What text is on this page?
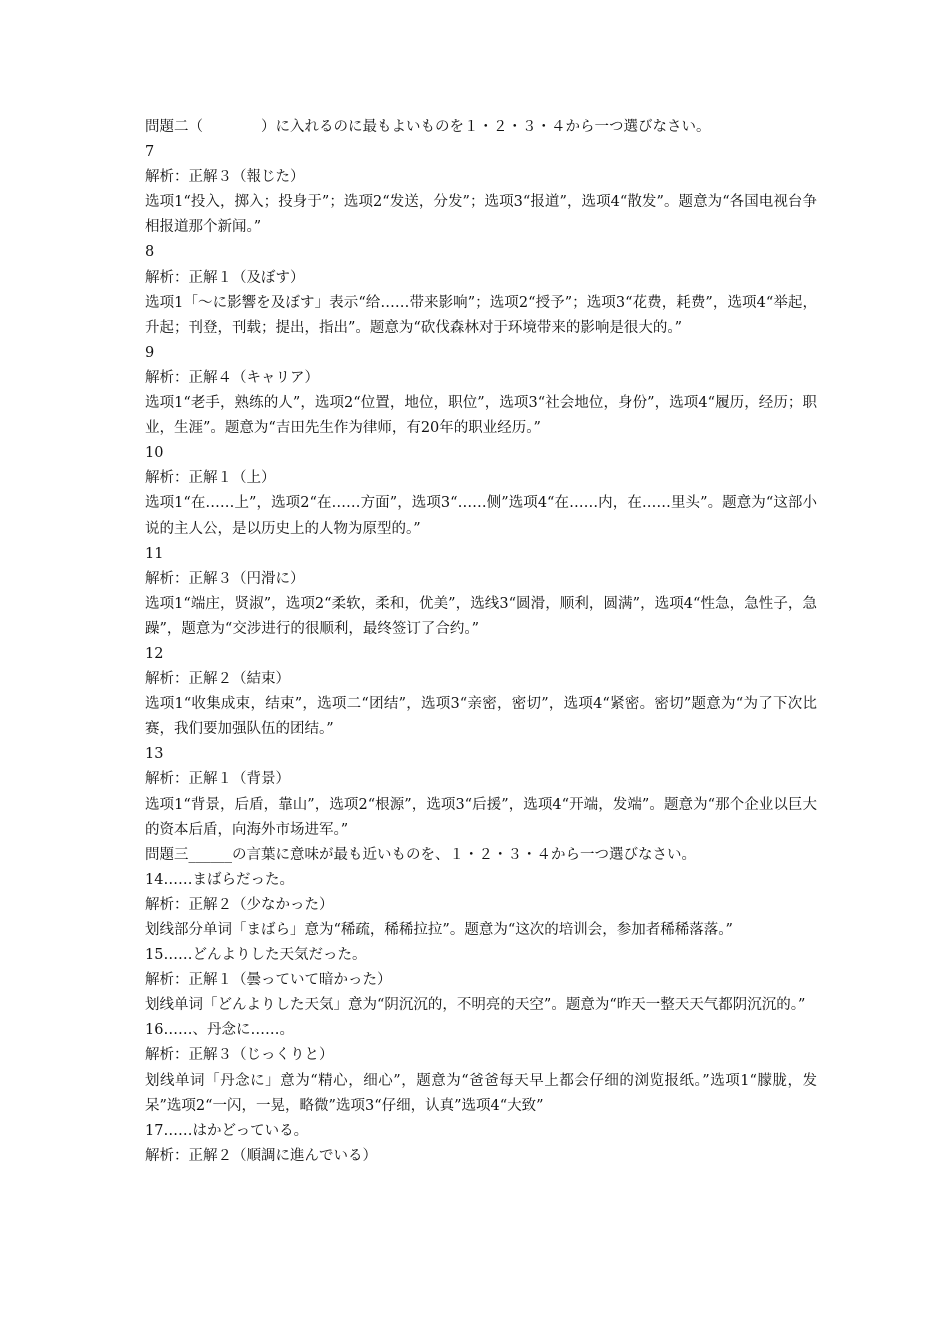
問題二（　　　　）に入れるのに最もよいものを１・２・３・４から一つ選びなさい。
7
解析：正解３（報じた）
选项1“投入，掷入；投身于”；选项2“发送，分发”；选项3“报道”，选项4“散发”。题意为“各国电视台争相报道那个新闻。”
8
解析：正解１（及ぼす）
选项1「～に影響を及ぼす」表示“给……带来影响”；选项2“授予”；选项3“花费，耗费”，选项4“举起，升起；刊登，刊载；提出，指出”。题意为“砍伐森林对于环境带来的影响是很大的。”
9
解析：正解４（キャリア）
选项1“老手，熟练的人”，选项2“位置，地位，职位”，选项3“社会地位，身份”，选项4“履历，经历；职业，生涯”。题意为“吉田先生作为律师，有20年的职业经历。”
10
解析：正解１（上）
选项1“在……上”，选项2“在……方面”，选项3“……侧”选项4“在……内，在……里头”。题意为“这部小说的主人公，是以历史上的人物为原型的。”
11
解析：正解３（円滑に）
选项1“端庄，贤淑”，选项2“柔软，柔和，优美”，选线3“圆滑，顺利，圆满”，选项4“性急，急性子，急躁”，题意为“交涉进行的很顺利，最终签订了合约。”
12
解析：正解２（結束）
选项1“收集成束，结束”，选项二“团结”，选项3“亲密，密切”，选项4“紧密。密切”题意为“为了下次比赛，我们要加强队伍的团结。”
13
解析：正解１（背景）
选项1“背景，后盾，靠山”，选项2“根源”，选项3“后援”，选项4“开端，发端”。题意为“那个企业以巨大的资本后盾，向海外市场进军。”
問題三______の言葉に意味が最も近いものを、１・２・３・４から一つ選びなさい。
14……まばらだった。
解析：正解２（少なかった）
划线部分单词「まばら」意为“稀疏，稀稀拉拉”。题意为“这次的培训会，参加者稀稀落落。”
15……どんよりした天気だった。
解析：正解１（曇っていて暗かった）
划线单词「どんよりした天気」意为“阴沉沉的，不明亮的天空”。题意为“昨天一整天天气都阴沉沉的。”
16……、丹念に……。
解析：正解３（じっくりと）
划线单词「丹念に」意为“精心，细心”，题意为“爸爸每天早上都会仔细的浏览报纸。”选项1“朦胧，发呆”选项2“一闪，一晃，略微”选项3“仔细，认真”选项4“大致”
17……はかどっている。
解析：正解２（順調に進んでいる）
